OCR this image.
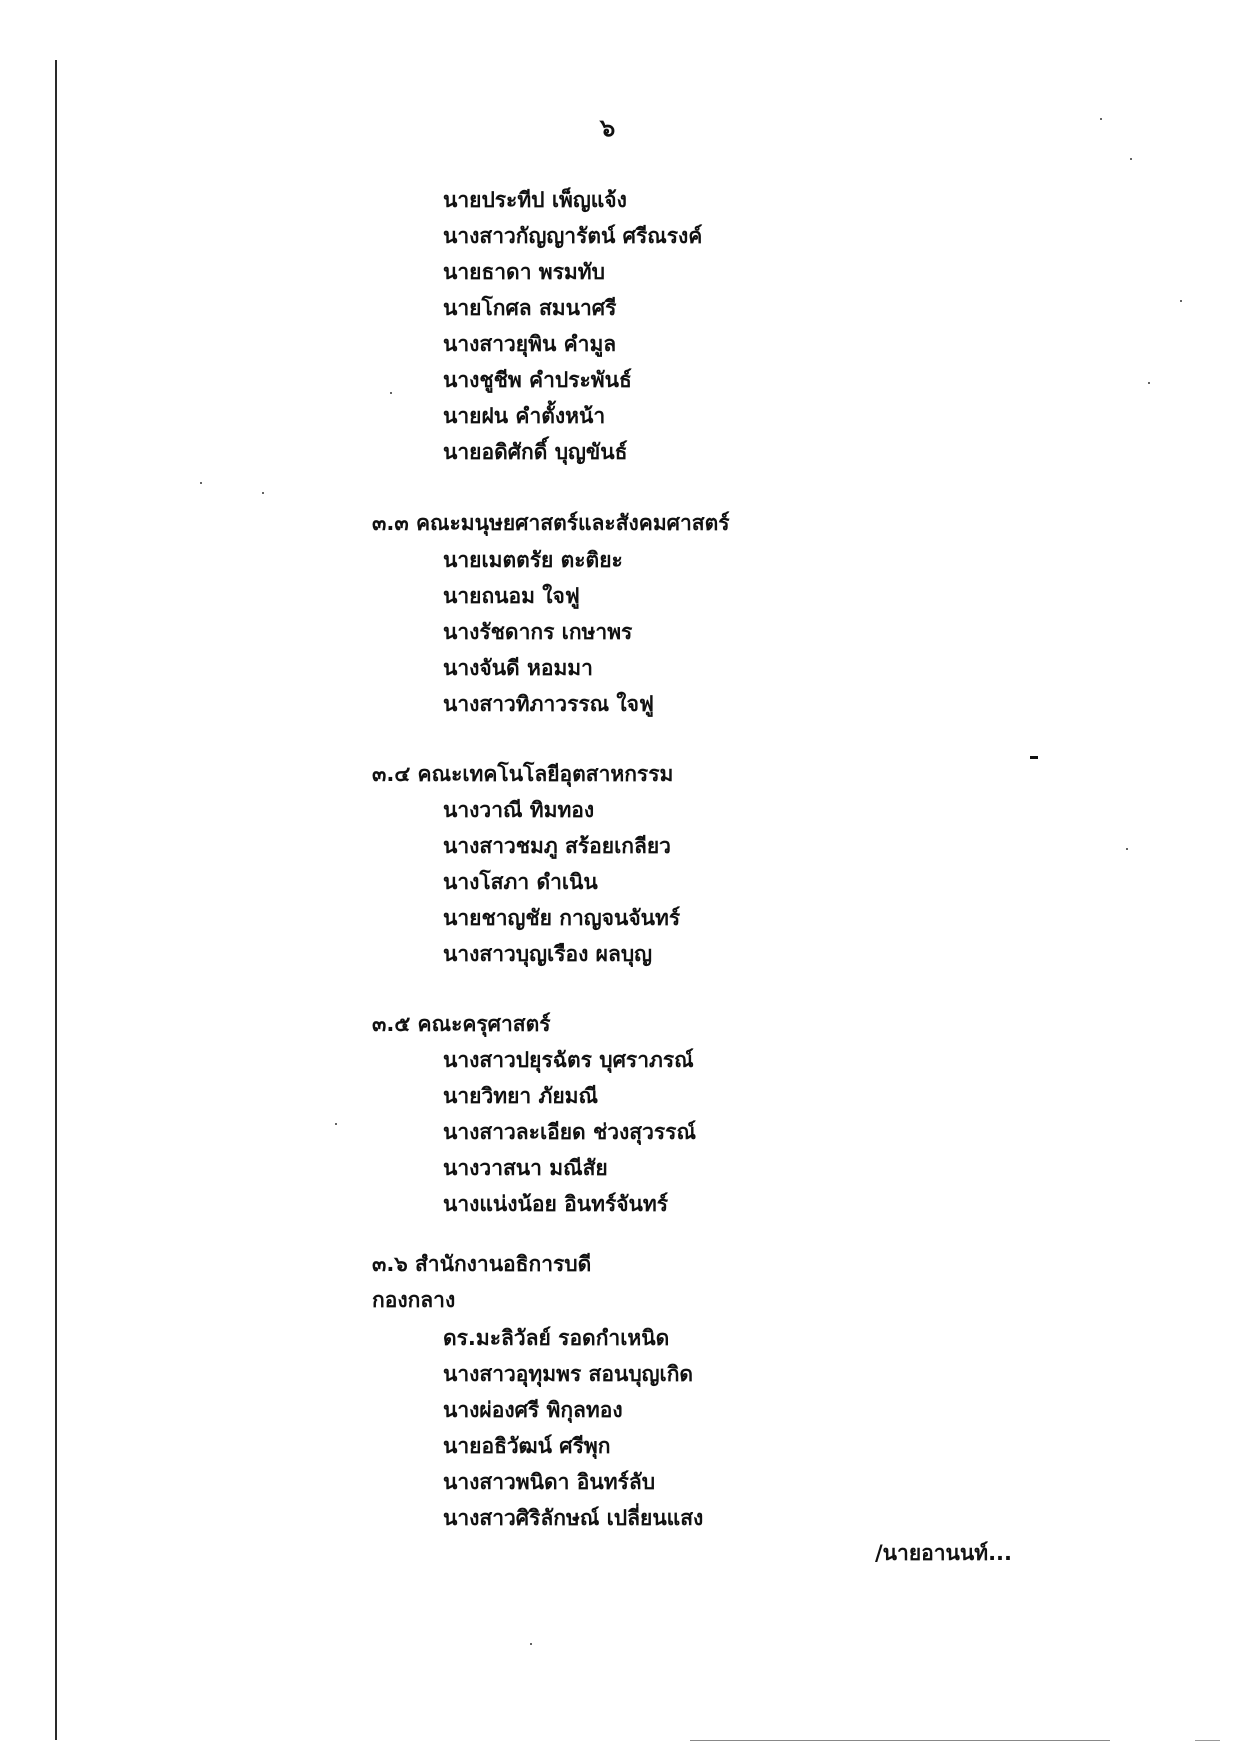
๖
นายประทีป เพ็ญแจ้ง
นางสาวกัญญารัตน์ ศรีณรงค์
นายธาดา พรมทับ
นายโกศล สมนาศรี
นางสาวยุพิน คำมูล
นางชูชีพ คำประพันธ์
นายฝน คำตั้งหน้า
นายอดิศักดิ์ บุญขันธ์
๓.๓ คณะมนุษยศาสตร์และสังคมศาสตร์
นายเมตตรัย ตะติยะ
นายถนอม ใจฟู
นางรัชดากร เกษาพร
นางจันดี หอมมา
นางสาวทิภาวรรณ ใจฟู
๓.๔ คณะเทคโนโลยีอุตสาหกรรม
นางวาณี ทิมทอง
นางสาวชมภู สร้อยเกลียว
นางโสภา ดำเนิน
นายชาญชัย กาญจนจันทร์
นางสาวบุญเรือง ผลบุญ
๓.๕ คณะครุศาสตร์
นางสาวปยุรฉัตร บุศราภรณ์
นายวิทยา ภัยมณี
นางสาวละเอียด ช่วงสุวรรณ์
นางวาสนา มณีสัย
นางแน่งน้อย อินทร์จันทร์
๓.๖ สำนักงานอธิการบดี
กองกลาง
ดร.มะลิวัลย์ รอดกำเหนิด
นางสาวอุทุมพร สอนบุญเกิด
นางผ่องศรี พิกุลทอง
นายอธิวัฒน์ ศรีพุก
นางสาวพนิดา อินทร์ลับ
นางสาวศิริลักษณ์ เปลี่ยนแสง
/นายอานนท์...
